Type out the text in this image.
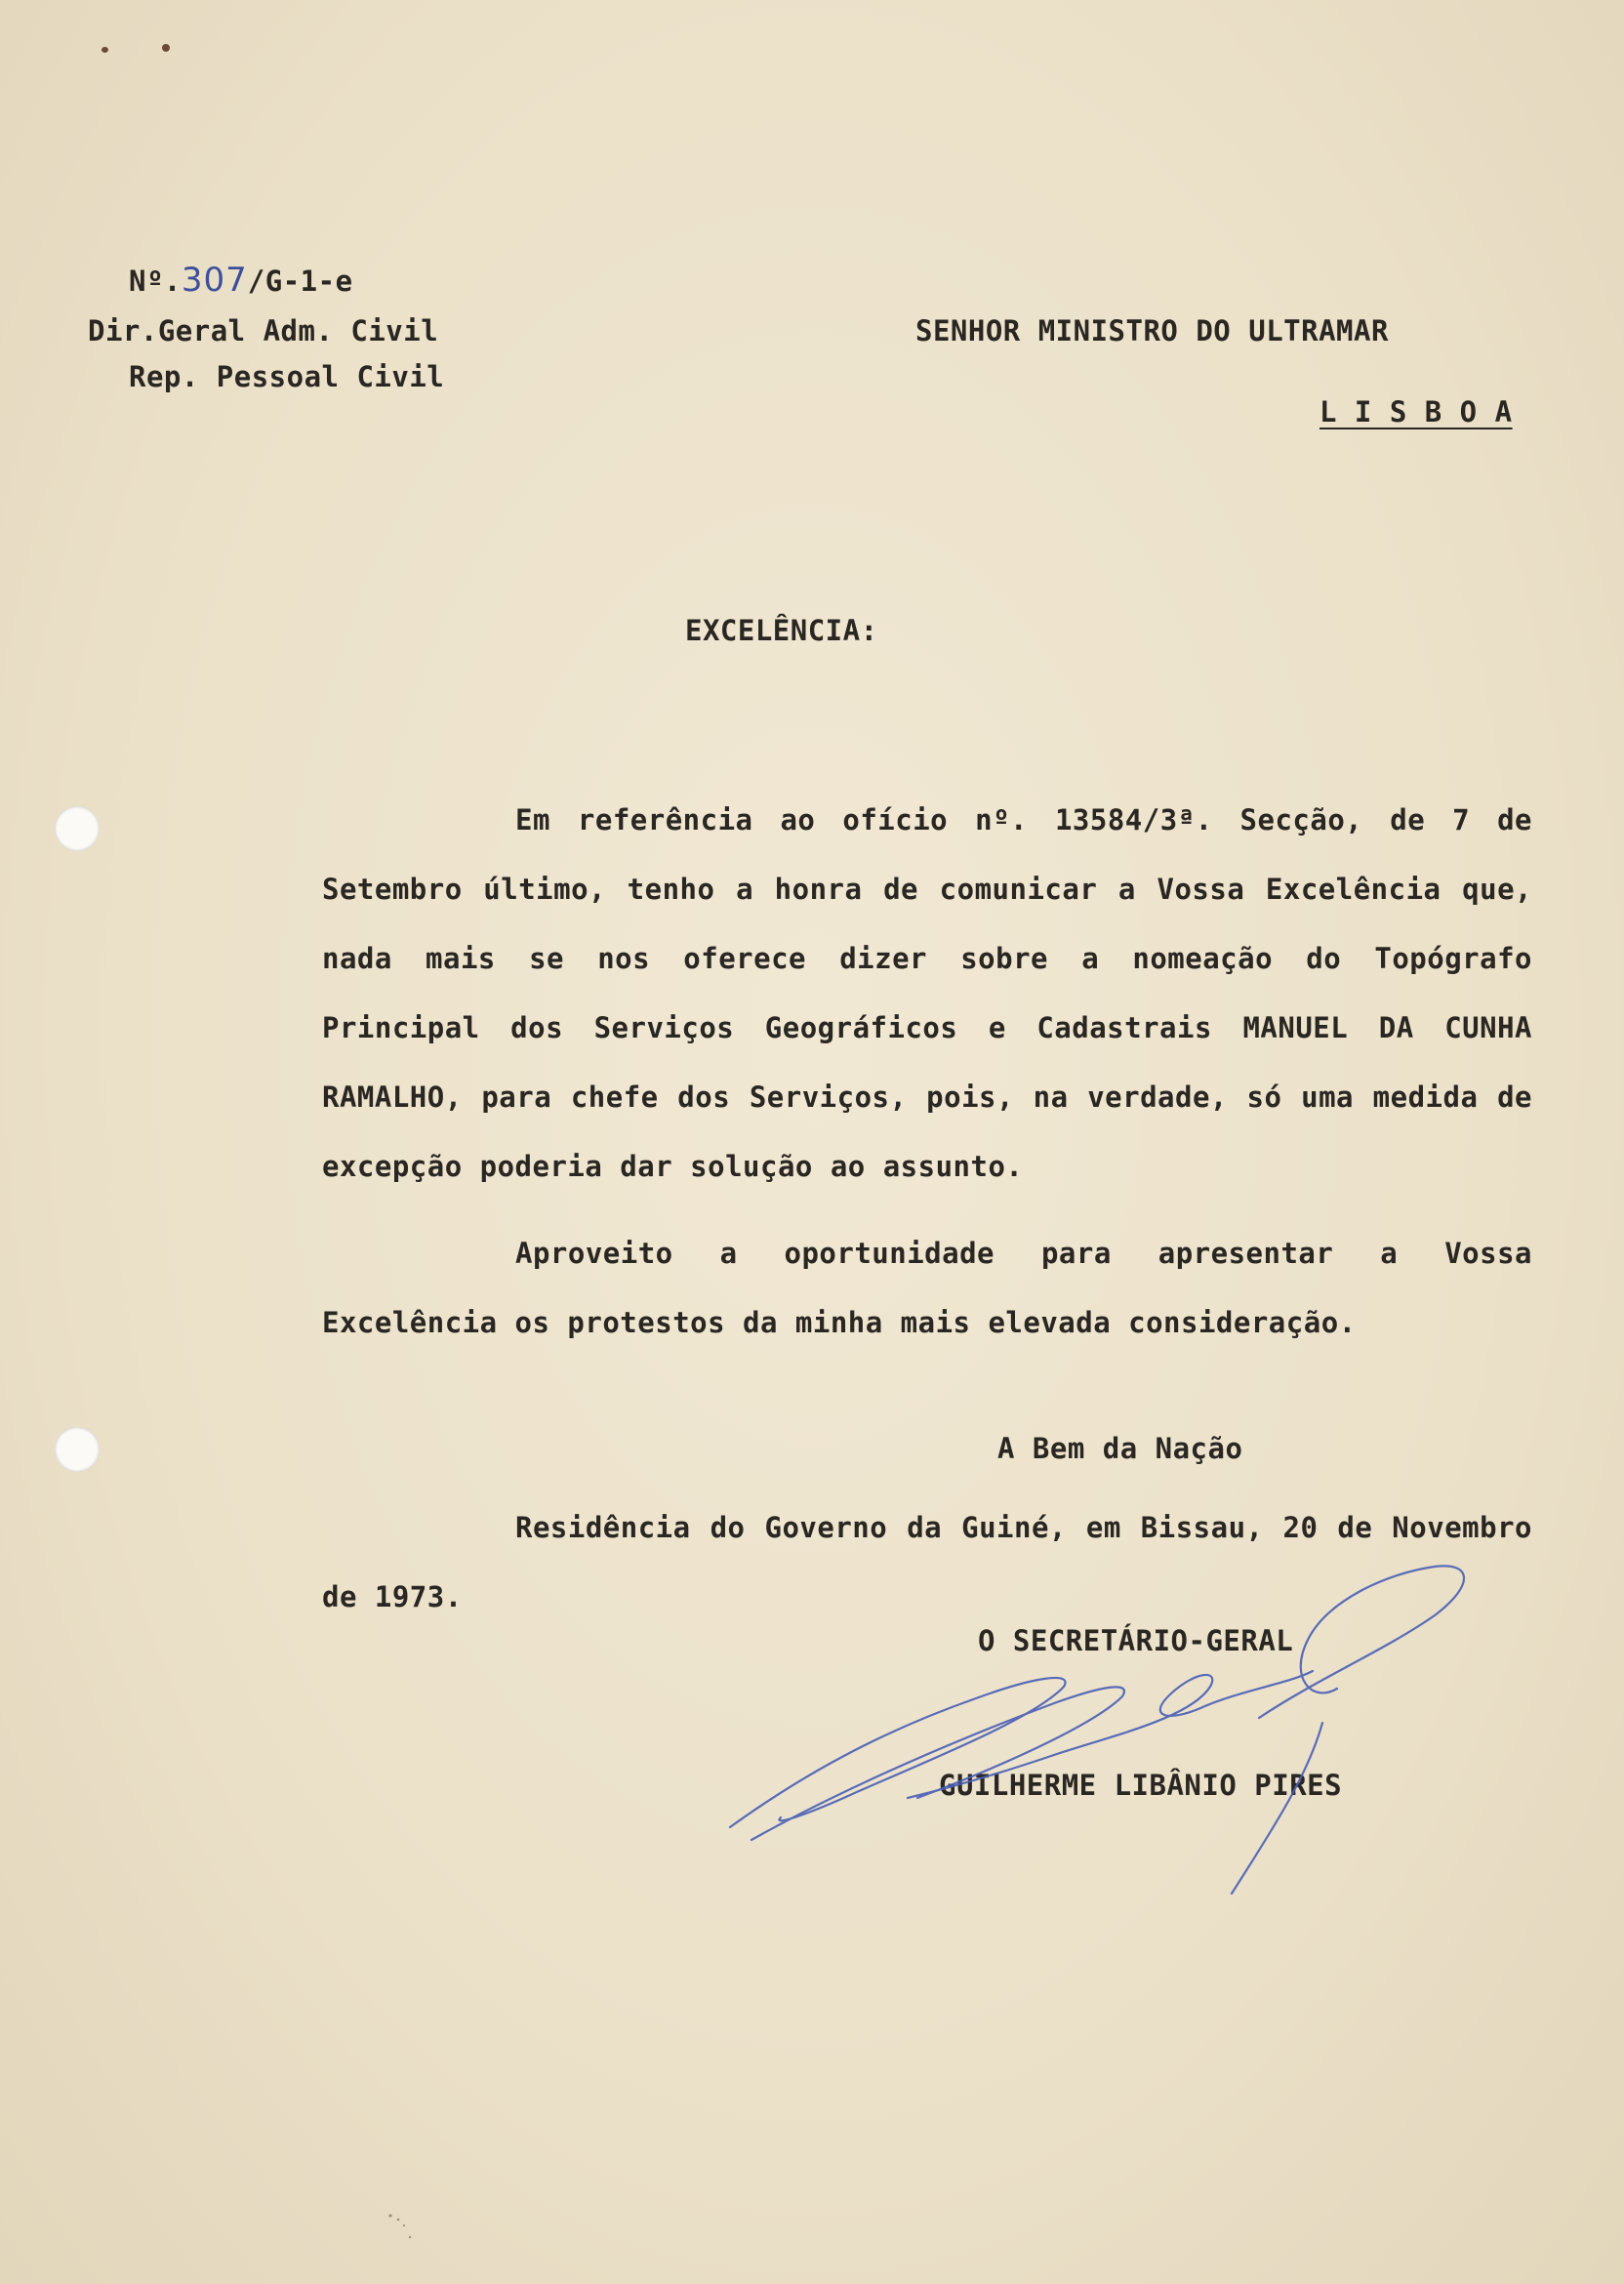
Nº.307/G-1-e
Dir.Geral Adm. Civil
Rep. Pessoal Civil
SENHOR MINISTRO DO ULTRAMAR
L I S B O A
EXCELÊNCIA:
Em referência ao ofício nº. 13584/3ª. Secção, de 7 de Setembro último, tenho a honra de comunicar a Vossa Excelência que, nada mais se nos oferece dizer sobre a nomeação do Topógrafo Principal dos Serviços Geográficos e Cadastrais MANUEL DA CUNHA RAMALHO, para chefe dos Serviços, pois, na verdade, só uma medida de excepção poderia dar solução ao assunto.
Aproveito a oportunidade para apresentar a Vossa Excelência os protestos da minha mais elevada consideração.
A Bem da Nação
Residência do Governo da Guiné, em Bissau, 20 de Novembro de 1973.
O SECRETÁRIO-GERAL
GUILHERME LIBÂNIO PIRES
